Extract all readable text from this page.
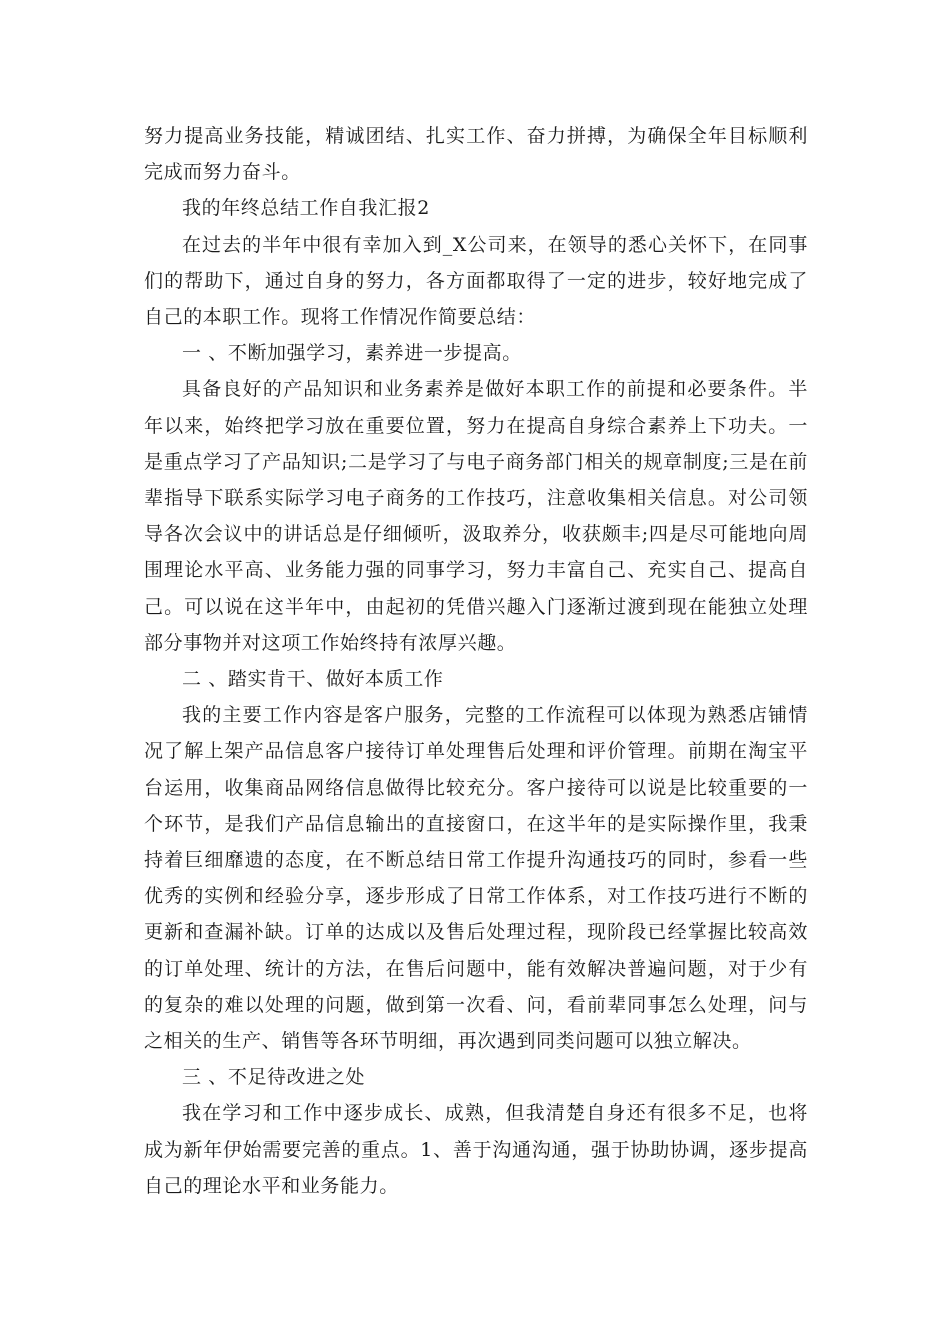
努力提高业务技能，精诚团结、扎实工作、奋力拼搏，为确保全年目标顺利完成而努力奋斗。

我的年终总结工作自我汇报2

在过去的半年中很有幸加入到_X公司来，在领导的悉心关怀下，在同事们的帮助下，通过自身的努力，各方面都取得了一定的进步，较好地完成了自己的本职工作。现将工作情况作简要总结：

一 、不断加强学习，素养进一步提高。

具备良好的产品知识和业务素养是做好本职工作的前提和必要条件。半年以来，始终把学习放在重要位置，努力在提高自身综合素养上下功夫。一是重点学习了产品知识;二是学习了与电子商务部门相关的规章制度;三是在前辈指导下联系实际学习电子商务的工作技巧，注意收集相关信息。对公司领导各次会议中的讲话总是仔细倾听，汲取养分，收获颇丰;四是尽可能地向周围理论水平高、业务能力强的同事学习，努力丰富自己、充实自己、提高自己。可以说在这半年中，由起初的凭借兴趣入门逐渐过渡到现在能独立处理部分事物并对这项工作始终持有浓厚兴趣。

二 、踏实肯干、做好本质工作

我的主要工作内容是客户服务，完整的工作流程可以体现为熟悉店铺情况了解上架产品信息客户接待订单处理售后处理和评价管理。前期在淘宝平台运用，收集商品网络信息做得比较充分。客户接待可以说是比较重要的一个环节，是我们产品信息输出的直接窗口，在这半年的是实际操作里，我秉持着巨细靡遗的态度，在不断总结日常工作提升沟通技巧的同时，参看一些优秀的实例和经验分享，逐步形成了日常工作体系，对工作技巧进行不断的更新和查漏补缺。订单的达成以及售后处理过程，现阶段已经掌握比较高效的订单处理、统计的方法，在售后问题中，能有效解决普遍问题，对于少有的复杂的难以处理的问题，做到第一次看、问，看前辈同事怎么处理，问与之相关的生产、销售等各环节明细，再次遇到同类问题可以独立解决。

三 、不足待改进之处

我在学习和工作中逐步成长、成熟，但我清楚自身还有很多不足，也将成为新年伊始需要完善的重点。1、善于沟通沟通，强于协助协调，逐步提高自己的理论水平和业务能力。
